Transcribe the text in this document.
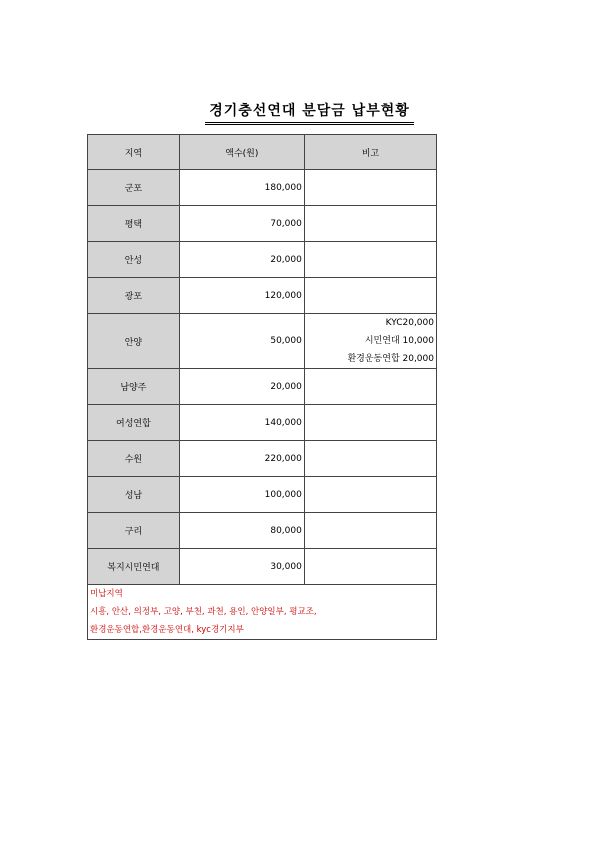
경기충선연대 분담금 납부현황
지역	액수(원)	비고
군포	180,000	
평택	70,000	
안성	20,000	
광포	120,000	
안양	50,000	KYC20,000
시민연대 10,000
환경운동연합 20,000

남양주	20,000	
여성연합	140,000	
수원	220,000	
성남	100,000	
구리	80,000	
복지시민연대	30,000	

미납지역
시흥, 안산, 의정부, 고양, 부천, 과천, 용인, 안양일부, 평교조,
환경운동연합,환경운동연대, kyc경기지부		
